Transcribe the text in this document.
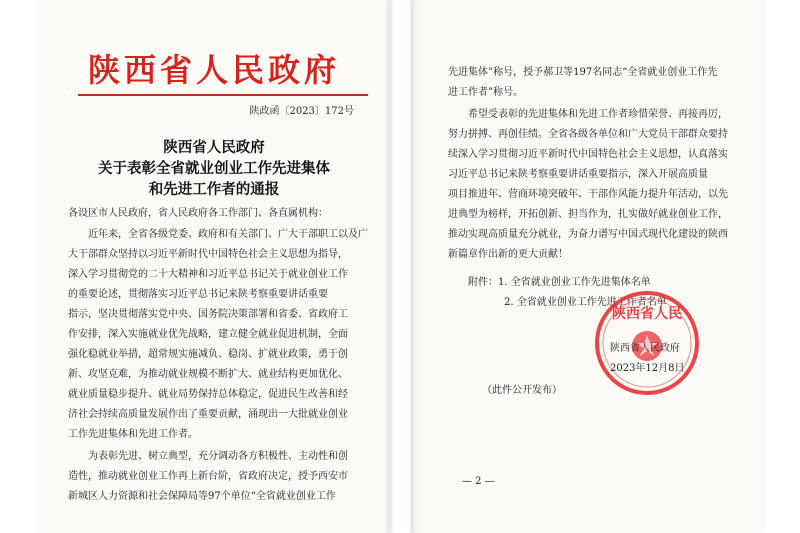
陕西省人民政府
陕政函〔2023〕172号
陕西省人民政府
关于表彰全省就业创业工作先进集体
和先进工作者的通报
各设区市人民政府，省人民政府各工作部门、各直属机构：
近年来，全省各级党委、政府和有关部门、广大干部职工以及广
大干部群众坚持以习近平新时代中国特色社会主义思想为指导，
深入学习贯彻党的二十大精神和习近平总书记关于就业创业工作
的重要论述，贯彻落实习近平总书记来陕考察重要讲话重要
指示，坚决贯彻落实党中央、国务院决策部署和省委、省政府工
作安排，深入实施就业优先战略，建立健全就业促进机制，全面
强化稳就业举措，超常规实施减负、稳岗、扩就业政策，勇于创
新、攻坚克难，为推动就业规模不断扩大、就业结构更加优化、
就业质量稳步提升、就业局势保持总体稳定，促进民生改善和经
济社会持续高质量发展作出了重要贡献，涌现出一大批就业创业
工作先进集体和先进工作者。
为表彰先进、树立典型，充分调动各方积极性、主动性和创
造性，推动就业创业工作再上新台阶，省政府决定，授予西安市
新城区人力资源和社会保障局等97个单位“全省就业创业工作
先进集体”称号，授予郝卫等197名同志“全省就业创业工作先
进工作者”称号。
希望受表彰的先进集体和先进工作者珍惜荣誉、再接再厉，
努力拼搏、再创佳绩。全省各级各单位和广大党员干部群众要持
续深入学习贯彻习近平新时代中国特色社会主义思想，认真落实
习近平总书记来陕考察重要讲话重要指示，深入开展高质量
项目推进年、营商环境突破年、干部作风能力提升年活动，以先
进典型为榜样，开拓创新、担当作为，扎实做好就业创业工作，
推动实现高质量充分就业，为奋力谱写中国式现代化建设的陕西
新篇章作出新的更大贡献！
附件：1. 全省就业创业工作先进集体名单
2. 全省就业创业工作先进工作者名单
陕西省人民
陕西省人民政府
2023年12月8日
（此件公开发布）
— 2 —
